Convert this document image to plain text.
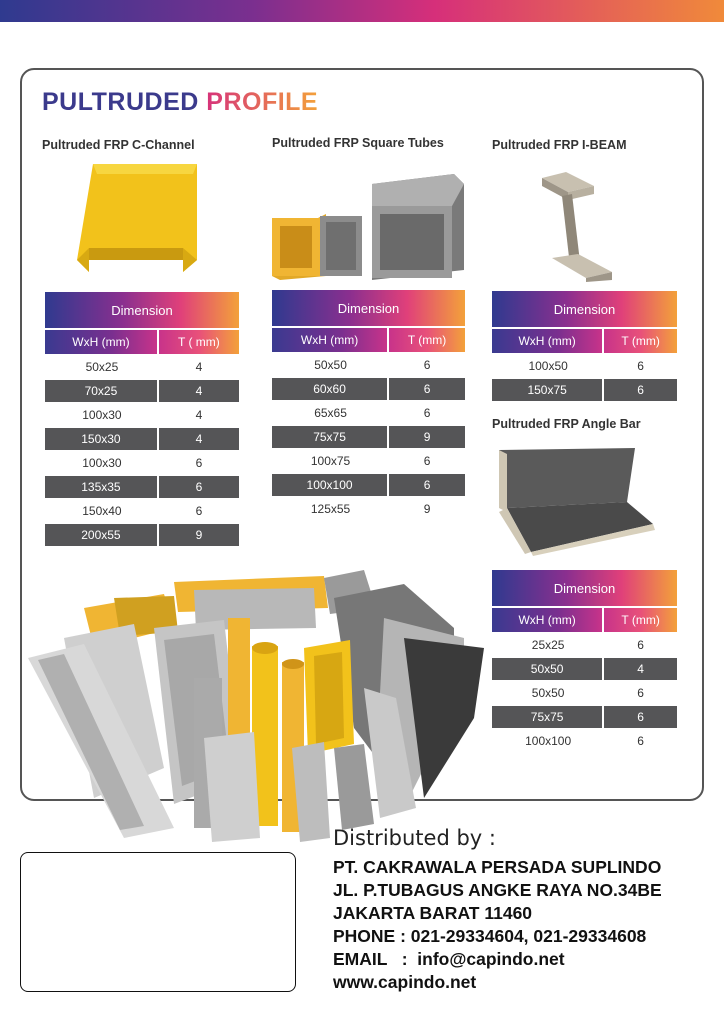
PULTRUDED PROFILE
Pultruded FRP C-Channel
Dimension	
WxH (mm)	T ( mm)
50x25	4
70x25	4
100x30	4
150x30	4
100x30	6
135x35	6
150x40	6
200x55	9
Pultruded FRP Square Tubes
Dimension	
WxH (mm)	T (mm)
50x50	6
60x60	6
65x65	6
75x75	9
100x75	6
100x100	6
125x55	9
Pultruded FRP I-BEAM
Dimension	
WxH (mm)	T (mm)
100x50	6
150x75	6
Pultruded FRP Angle Bar
Dimension	
WxH (mm)	T (mm)
25x25	6
50x50	4
50x50	6
75x75	6
100x100	6

Distributed by :

PT. CAKRAWALA PERSADA SUPLINDO

JL. P.TUBAGUS ANGKE RAYA NO.34BE

JAKARTA BARAT 11460

PHONE : 021-29334604, 021-29334608

EMAIL   :  info@capindo.net

www.capindo.net
